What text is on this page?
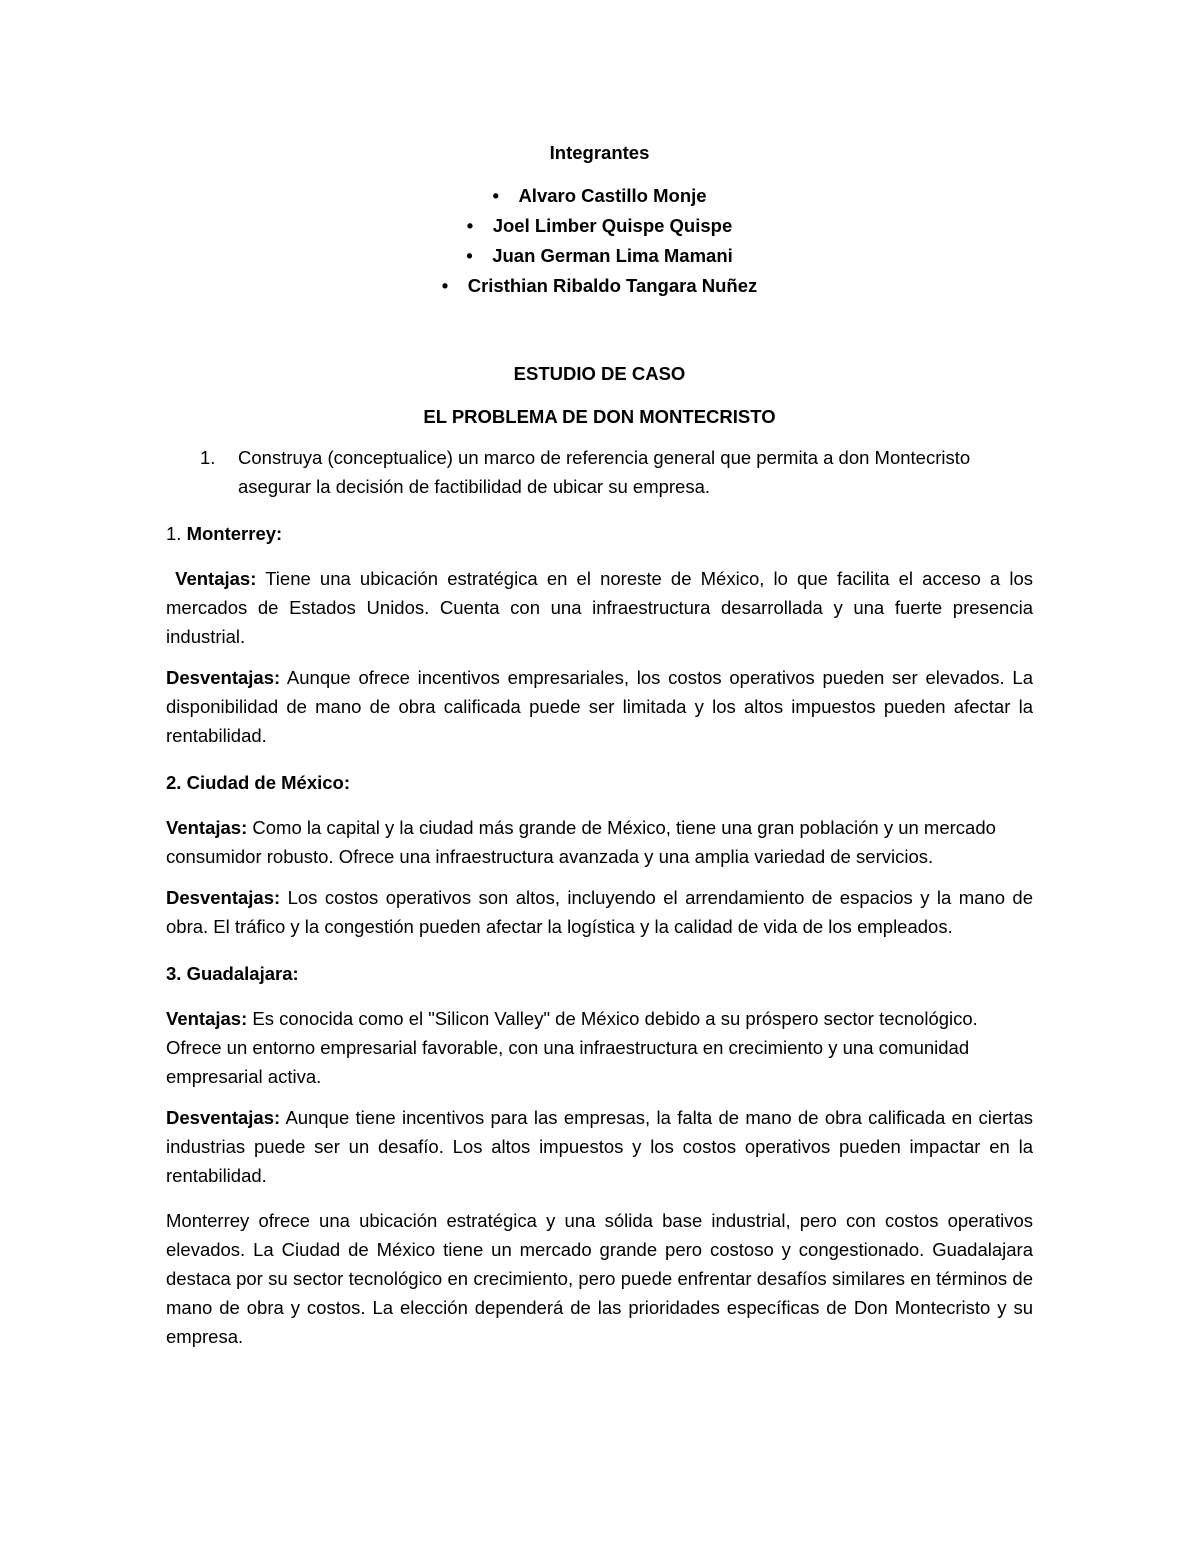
Integrantes
• Alvaro Castillo Monje
• Joel Limber Quispe Quispe
• Juan German Lima Mamani
• Cristhian Ribaldo Tangara Nuñez
ESTUDIO DE CASO
EL PROBLEMA DE DON MONTECRISTO
1.	Construya (conceptualice) un marco de referencia general que permita a don Montecristo asegurar la decisión de factibilidad de ubicar su empresa.
1. Monterrey:
Ventajas: Tiene una ubicación estratégica en el noreste de México, lo que facilita el acceso a los mercados de Estados Unidos. Cuenta con una infraestructura desarrollada y una fuerte presencia industrial.
Desventajas: Aunque ofrece incentivos empresariales, los costos operativos pueden ser elevados. La disponibilidad de mano de obra calificada puede ser limitada y los altos impuestos pueden afectar la rentabilidad.
2. Ciudad de México:
Ventajas: Como la capital y la ciudad más grande de México, tiene una gran población y un mercado consumidor robusto. Ofrece una infraestructura avanzada y una amplia variedad de servicios.
Desventajas: Los costos operativos son altos, incluyendo el arrendamiento de espacios y la mano de obra. El tráfico y la congestión pueden afectar la logística y la calidad de vida de los empleados.
3. Guadalajara:
Ventajas: Es conocida como el "Silicon Valley" de México debido a su próspero sector tecnológico. Ofrece un entorno empresarial favorable, con una infraestructura en crecimiento y una comunidad empresarial activa.
Desventajas: Aunque tiene incentivos para las empresas, la falta de mano de obra calificada en ciertas industrias puede ser un desafío. Los altos impuestos y los costos operativos pueden impactar en la rentabilidad.
Monterrey ofrece una ubicación estratégica y una sólida base industrial, pero con costos operativos elevados. La Ciudad de México tiene un mercado grande pero costoso y congestionado. Guadalajara destaca por su sector tecnológico en crecimiento, pero puede enfrentar desafíos similares en términos de mano de obra y costos. La elección dependerá de las prioridades específicas de Don Montecristo y su empresa.
